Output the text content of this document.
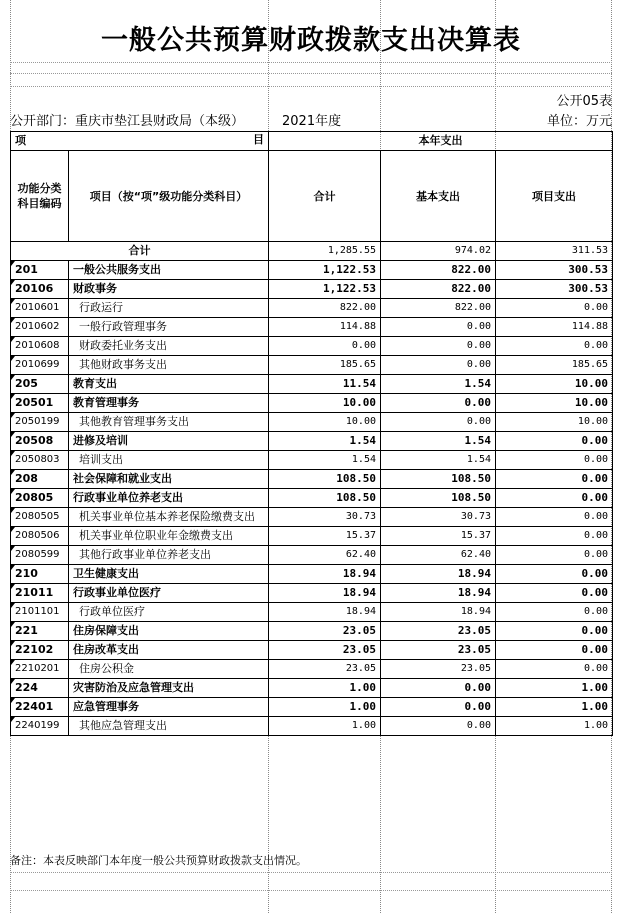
一般公共预算财政拨款支出决算表
公开05表
公开部门：重庆市垫江县财政局（本级）	2021年度	单位：万元
项 目		本年支出		
功能分类科目编码	项目（按“项”级功能分类科目）	合计	基本支出	项目支出
合计		1,285.55	974.02	311.53

201	一般公共服务支出	1,122.53	822.00	300.53

20106	财政事务	1,122.53	822.00	300.53

2010601	行政运行	822.00	822.00	0.00

2010602	一般行政管理事务	114.88	0.00	114.88

2010608	财政委托业务支出	0.00	0.00	0.00

2010699	其他财政事务支出	185.65	0.00	185.65

205	教育支出	11.54	1.54	10.00

20501	教育管理事务	10.00	0.00	10.00

2050199	其他教育管理事务支出	10.00	0.00	10.00

20508	进修及培训	1.54	1.54	0.00

2050803	培训支出	1.54	1.54	0.00

208	社会保障和就业支出	108.50	108.50	0.00

20805	行政事业单位养老支出	108.50	108.50	0.00

2080505	机关事业单位基本养老保险缴费支出	30.73	30.73	0.00

2080506	机关事业单位职业年金缴费支出	15.37	15.37	0.00

2080599	其他行政事业单位养老支出	62.40	62.40	0.00

210	卫生健康支出	18.94	18.94	0.00

21011	行政事业单位医疗	18.94	18.94	0.00

2101101	行政单位医疗	18.94	18.94	0.00

221	住房保障支出	23.05	23.05	0.00

22102	住房改革支出	23.05	23.05	0.00

2210201	住房公积金	23.05	23.05	0.00

224	灾害防治及应急管理支出	1.00	0.00	1.00

22401	应急管理事务	1.00	0.00	1.00

2240199	其他应急管理支出	1.00	0.00	1.00
备注：本表反映部门本年度一般公共预算财政拨款支出情况。
